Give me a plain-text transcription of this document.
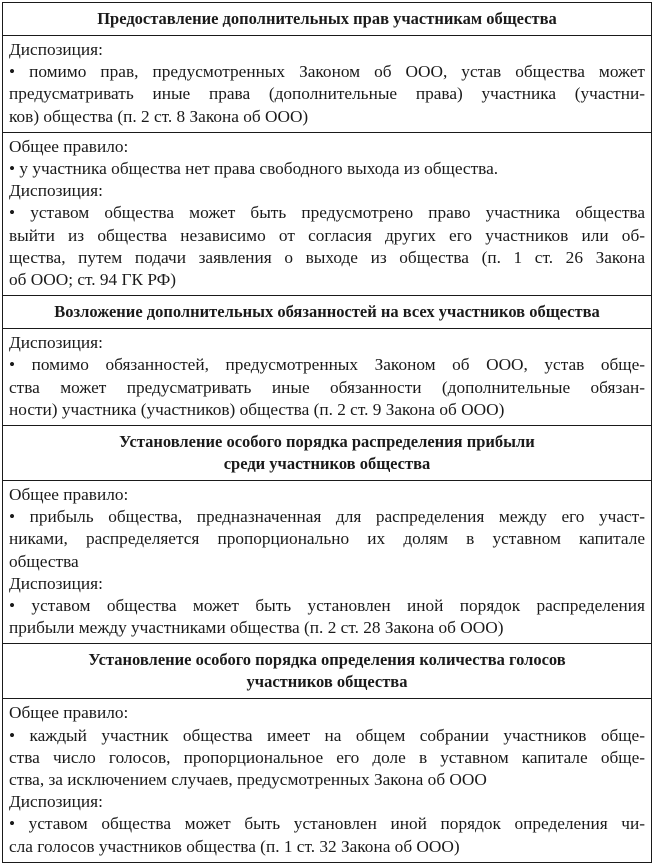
Предоставление дополнительных прав участникам общества
Диспозиция:
• помимо прав, предусмотренных Законом об ООО, устав общества может
предусматривать иные права (дополнительные права) участника (участни-
ков) общества (п. 2 ст. 8 Закона об ООО)
Общее правило:
• у участника общества нет права свободного выхода из общества.
Диспозиция:
• уставом общества может быть предусмотрено право участника общества
выйти из общества независимо от согласия других его участников или об-
щества, путем подачи заявления о выходе из общества (п. 1 ст. 26 Закона
об ООО; ст. 94 ГК РФ)
Возложение дополнительных обязанностей на всех участников общества
Диспозиция:
• помимо обязанностей, предусмотренных Законом об ООО, устав обще-
ства может предусматривать иные обязанности (дополнительные обязан-
ности) участника (участников) общества (п. 2 ст. 9 Закона об ООО)
Установление особого порядка распределения прибыли
среди участников общества
Общее правило:
• прибыль общества, предназначенная для распределения между его участ-
никами, распределяется пропорционально их долям в уставном капитале
общества
Диспозиция:
• уставом общества может быть установлен иной порядок распределения
прибыли между участниками общества (п. 2 ст. 28 Закона об ООО)
Установление особого порядка определения количества голосов
участников общества
Общее правило:
• каждый участник общества имеет на общем собрании участников обще-
ства число голосов, пропорциональное его доле в уставном капитале обще-
ства, за исключением случаев, предусмотренных Закона об ООО
Диспозиция:
• уставом общества может быть установлен иной порядок определения чи-
сла голосов участников общества (п. 1 ст. 32 Закона об ООО)
